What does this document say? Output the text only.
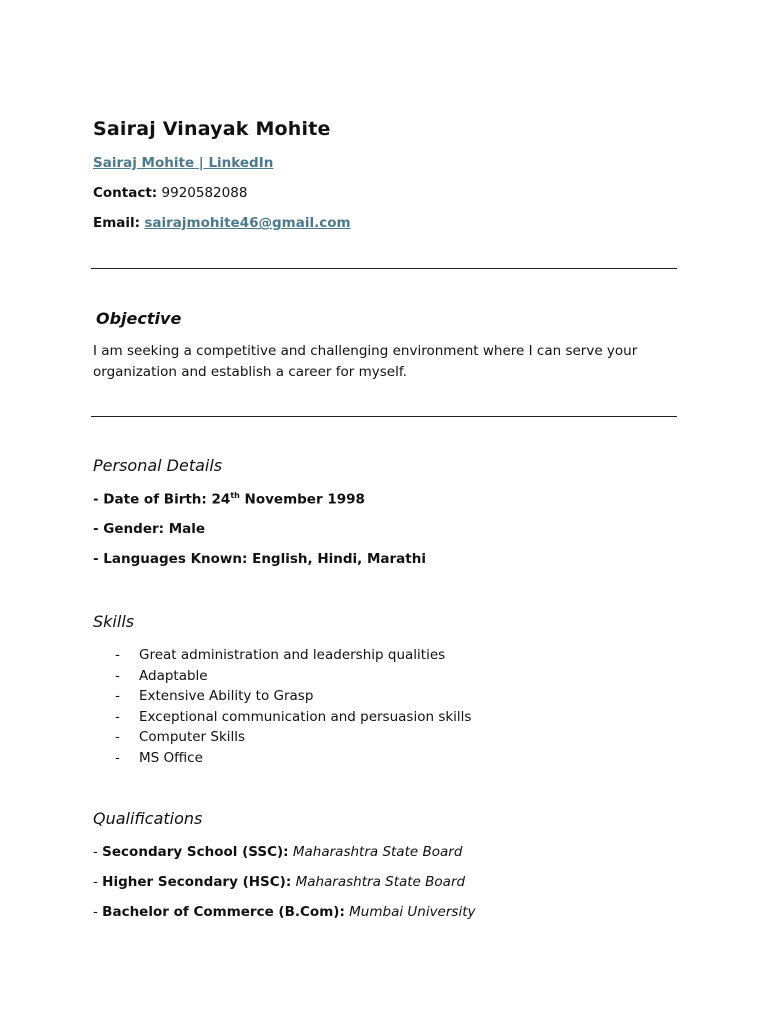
Sairaj Vinayak Mohite
Sairaj Mohite | LinkedIn
Contact: 9920582088
Email: sairajmohite46@gmail.com
Objective
I am seeking a competitive and challenging environment where I can serve your organization and establish a career for myself.
Personal Details
- Date of Birth: 24th November 1998
- Gender: Male
- Languages Known: English, Hindi, Marathi
Skills
- Great administration and leadership qualities
- Adaptable
- Extensive Ability to Grasp
- Exceptional communication and persuasion skills
- Computer Skills
- MS Office
Qualifications
- Secondary School (SSC): Maharashtra State Board
- Higher Secondary (HSC): Maharashtra State Board
- Bachelor of Commerce (B.Com): Mumbai University
